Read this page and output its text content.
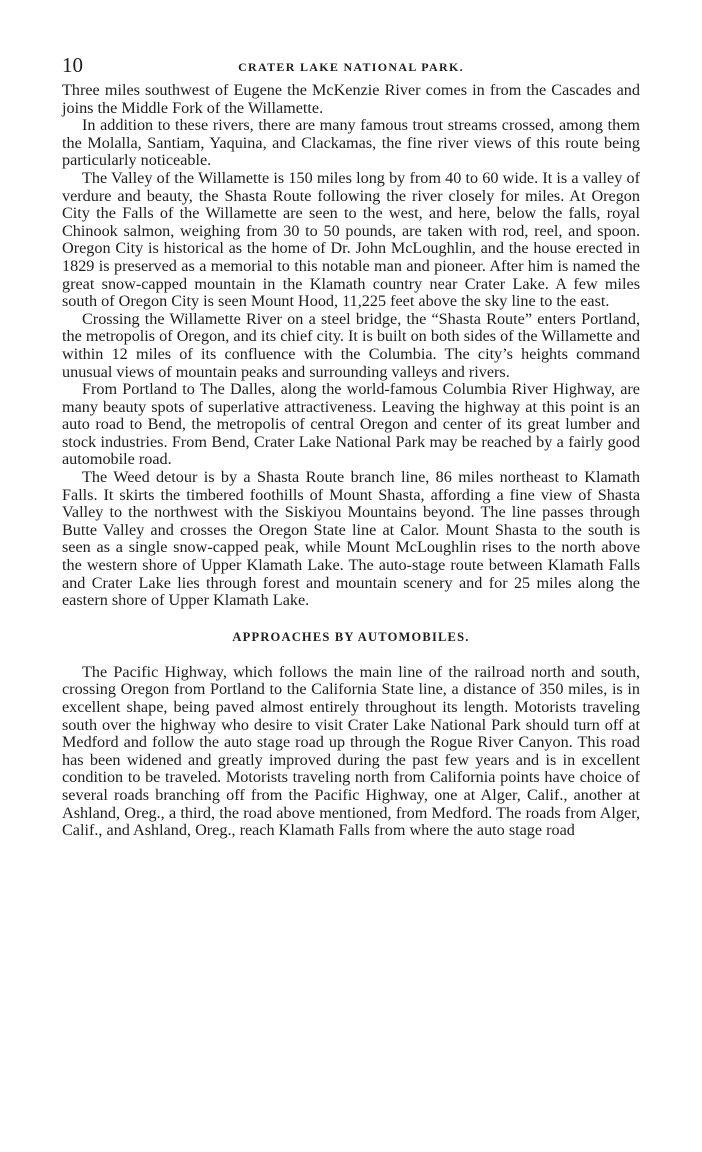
10	CRATER LAKE NATIONAL PARK.

Three miles southwest of Eugene the McKenzie River comes in from the Cascades and joins the Middle Fork of the Willamette.

In addition to these rivers, there are many famous trout streams crossed, among them the Molalla, Santiam, Yaquina, and Clackamas, the fine river views of this route being particularly noticeable.

The Valley of the Willamette is 150 miles long by from 40 to 60 wide. It is a valley of verdure and beauty, the Shasta Route following the river closely for miles. At Oregon City the Falls of the Willamette are seen to the west, and here, below the falls, royal Chinook salmon, weighing from 30 to 50 pounds, are taken with rod, reel, and spoon. Oregon City is historical as the home of Dr. John McLoughlin, and the house erected in 1829 is preserved as a memorial to this notable man and pioneer. After him is named the great snow-capped mountain in the Klamath country near Crater Lake. A few miles south of Oregon City is seen Mount Hood, 11,225 feet above the sky line to the east.

Crossing the Willamette River on a steel bridge, the “Shasta Route” enters Portland, the metropolis of Oregon, and its chief city. It is built on both sides of the Willamette and within 12 miles of its confluence with the Columbia. The city’s heights command unusual views of mountain peaks and surrounding valleys and rivers.

From Portland to The Dalles, along the world-famous Columbia River Highway, are many beauty spots of superlative attractiveness. Leaving the highway at this point is an auto road to Bend, the metropolis of central Oregon and center of its great lumber and stock industries. From Bend, Crater Lake National Park may be reached by a fairly good automobile road.

The Weed detour is by a Shasta Route branch line, 86 miles northeast to Klamath Falls. It skirts the timbered foothills of Mount Shasta, affording a fine view of Shasta Valley to the northwest with the Siskiyou Mountains beyond. The line passes through Butte Valley and crosses the Oregon State line at Calor. Mount Shasta to the south is seen as a single snow-capped peak, while Mount McLoughlin rises to the north above the western shore of Upper Klamath Lake. The auto-stage route between Klamath Falls and Crater Lake lies through forest and mountain scenery and for 25 miles along the eastern shore of Upper Klamath Lake.

APPROACHES BY AUTOMOBILES.

The Pacific Highway, which follows the main line of the railroad north and south, crossing Oregon from Portland to the California State line, a distance of 350 miles, is in excellent shape, being paved almost entirely throughout its length. Motorists traveling south over the highway who desire to visit Crater Lake National Park should turn off at Medford and follow the auto stage road up through the Rogue River Canyon. This road has been widened and greatly improved during the past few years and is in excellent condition to be traveled. Motorists traveling north from California points have choice of several roads branching off from the Pacific Highway, one at Alger, Calif., another at Ashland, Oreg., a third, the road above mentioned, from Medford. The roads from Alger, Calif., and Ashland, Oreg., reach Klamath Falls from where the auto stage road
